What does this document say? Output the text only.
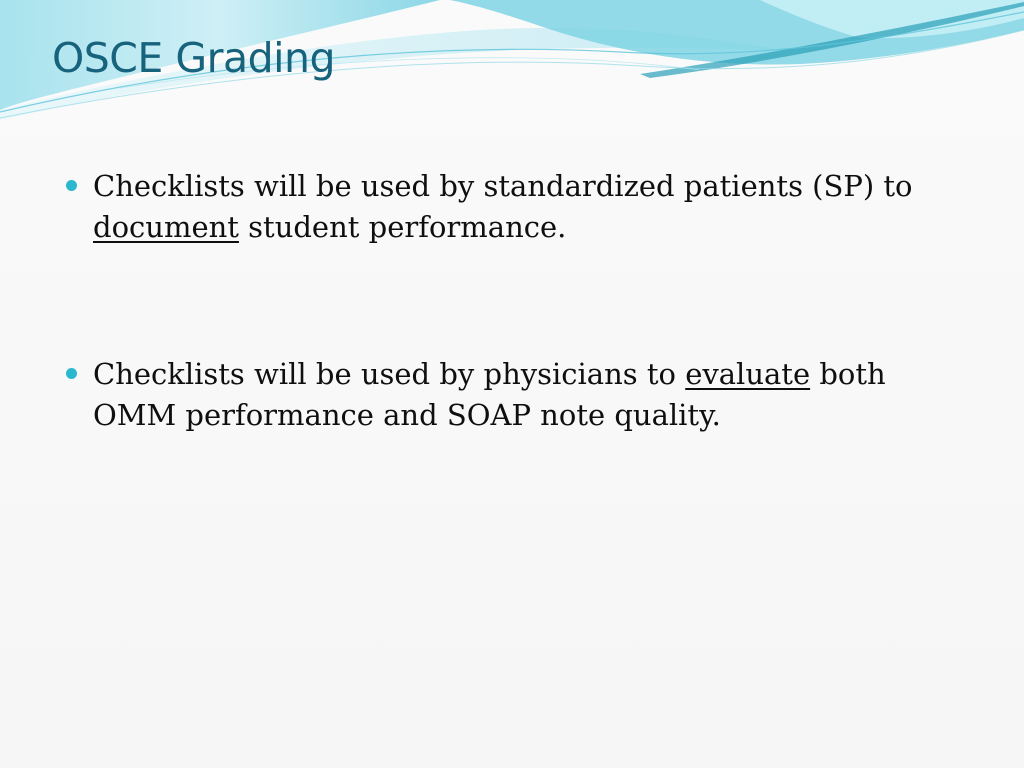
OSCE Grading
Checklists will be used by standardized patients (SP) to document student performance.
Checklists will be used by physicians to evaluate both OMM performance and SOAP note quality.
